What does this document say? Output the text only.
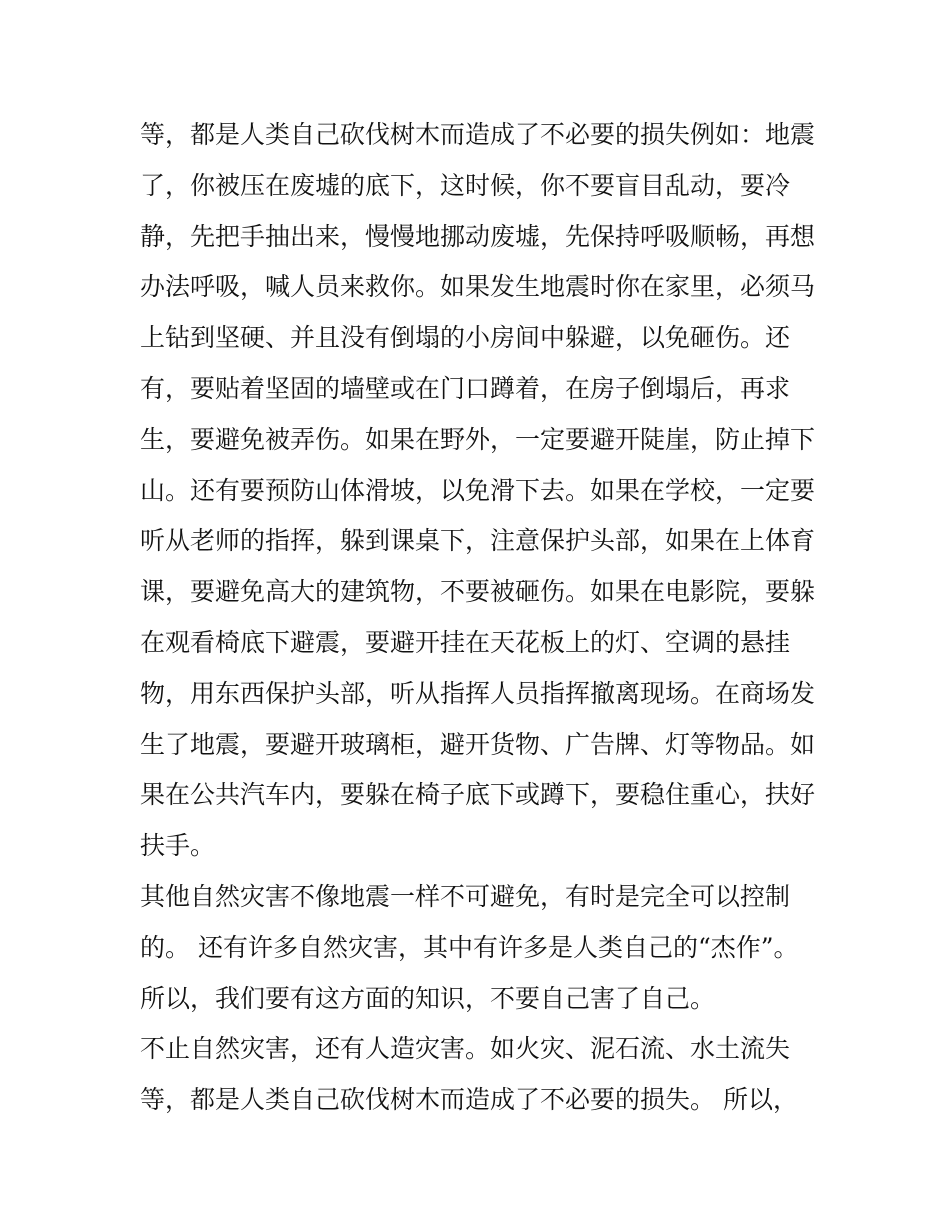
等，都是人类自己砍伐树木而造成了不必要的损失例如：地震
了，你被压在废墟的底下，这时候，你不要盲目乱动，要冷
静，先把手抽出来，慢慢地挪动废墟，先保持呼吸顺畅，再想
办法呼吸，喊人员来救你。如果发生地震时你在家里，必须马
上钻到坚硬、并且没有倒塌的小房间中躲避，以免砸伤。还
有，要贴着坚固的墙壁或在门口蹲着，在房子倒塌后，再求
生，要避免被弄伤。如果在野外，一定要避开陡崖，防止掉下
山。还有要预防山体滑坡，以免滑下去。如果在学校，一定要
听从老师的指挥，躲到课桌下，注意保护头部，如果在上体育
课，要避免高大的建筑物，不要被砸伤。如果在电影院，要躲
在观看椅底下避震，要避开挂在天花板上的灯、空调的悬挂
物，用东西保护头部，听从指挥人员指挥撤离现场。在商场发
生了地震，要避开玻璃柜，避开货物、广告牌、灯等物品。如
果在公共汽车内，要躲在椅子底下或蹲下，要稳住重心，扶好
扶手。
其他自然灾害不像地震一样不可避免，有时是完全可以控制
的。 还有许多自然灾害，其中有许多是人类自己的“杰作”。
所以，我们要有这方面的知识，不要自己害了自己。
不止自然灾害，还有人造灾害。如火灾、泥石流、水土流失
等，都是人类自己砍伐树木而造成了不必要的损失。 所以，
